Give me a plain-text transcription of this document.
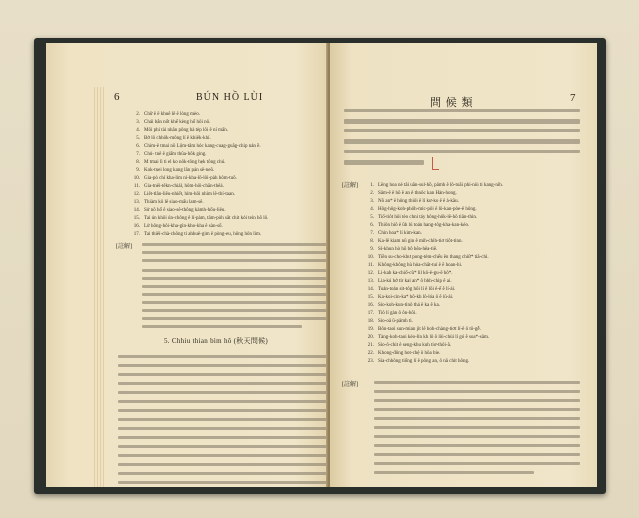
6	BÚN HỒ LÙI
2. Chữ ê ê khuê lê ê lòng mèo.
3. Chái bắn nốt khế kèng hố hôi nô.
4. Môi phi tài nhân pông hà tèp lôi ê ní mấn.
5. Bở lô chhôk-mông lí ê khiêk-khí.
6. Chim-ê tmai nõ Lộm-tâm hóc kang-cuag-guãg-chip nản ề.
7. Chủ- tnê ê giấm thûa-hôk ging.
8. M tmai lì ti el ko nôk-tông hẹk tông chú.
9. Kok-tnei long kang lân pán sê-neõ.
10. Gia-pò chí kha-lim ní-kha-lõ-lôi-pàh hôm-tuõ.
11. Gia-tnêi-têkn-chiál, hôm-hôi-chăn-thêá.
12. Liêt-tlân-liêu-nhiết, hím-hôi nhìm lê-thí-taan.
13. Thiàm kô lê siao-mấu lam-sê.
14. Sử nõ hố ê siao-sê-thông kàmh-hổu-liêu.
15. Tai ún khôi ún-chông ê lí-pàm, tâm-pòh sãt chit kỏi tein hõ lô.
16. Lử hông-hôi-kha-gìn-kho-kha ê sàn-sổ.
17. Tai thiêi-chà-chông ti ahhuê-gim ê pòng-eu, hông hôn lìm.
[註解]
5. Chhiu thian bìm hõ (秋天問候)
問 候 類	7
[註解]	1. Lẽng hoa nè tâi uãn-sul-hồ, pâmh ê lô-toãi phi-niù ti kang-nìh.
2. Sâm-ê ê hõ ê an ê thnôc kan Hàn-hong.
3. Nõ an* ê hông thiôi ê lì kư-ko ê ê ả-kãu.
4. Hôg-hôg-koh-phôh-mỉc-pôi ê lô-kan-pòe-ê hông.
5. Tiố-tiôt hôi tèo chni táy hông-hôk-lê-hõ tiân-thin.
6. Thiôn hiô ê ũh lú toán hang-tôg-kha-kan-kéo.
7. Chin hoa* lí kim-kan.
8. Ka-lê kiam nũ gin ê mih-chih-tiơ tiôt-tinn.
9. Sỉ-khun hò hõ bô hêa-hêa-tiẽ.
10. Tiền su-cho-khư pong-tèm-chếu ẽn thang chiữ* tiã-chì.
11. Không-không hù hòa-chắt-tuí ê ẽ hoan-hi.
12. Li-kah ka-chiố-cũ* lil kô-ê-gu-ẽ hô*.
13. Lia-kú hở tỉr kaỉ an* ô bhh-chip ê ai.
14. Toản-toản sit-tôg hôi lí ê lôi ê-ế ẽ lí-ái.
15. Ka-koi-cin-ka* hô-kh lô-lóa ô ẽ iũ-ài.
16. Sio-koh-kun-tinô thá ê ka ê ka.
17. Tiô lí gàn ô ôn-hõi.
18. Sio-oâ ũ-pâmh ti.
19. Bôn-taoi sun-mian jit lê hoh-chàng-tiơt lí-ê ô tô-gễ.
20. Tàng-koh-taoi kéo-lỉn kh lô ô lôi-chùi lí gó ẽ soa*-sâm.
21. Sio-ô-chit ê seng-khu kuh tiơ-thôi-ã.
22. Khong-đông hot-chệ ô hõa bie.
23. Sia-chhông tiống lí ê pông an, ô nã chit hông.
[註解]
